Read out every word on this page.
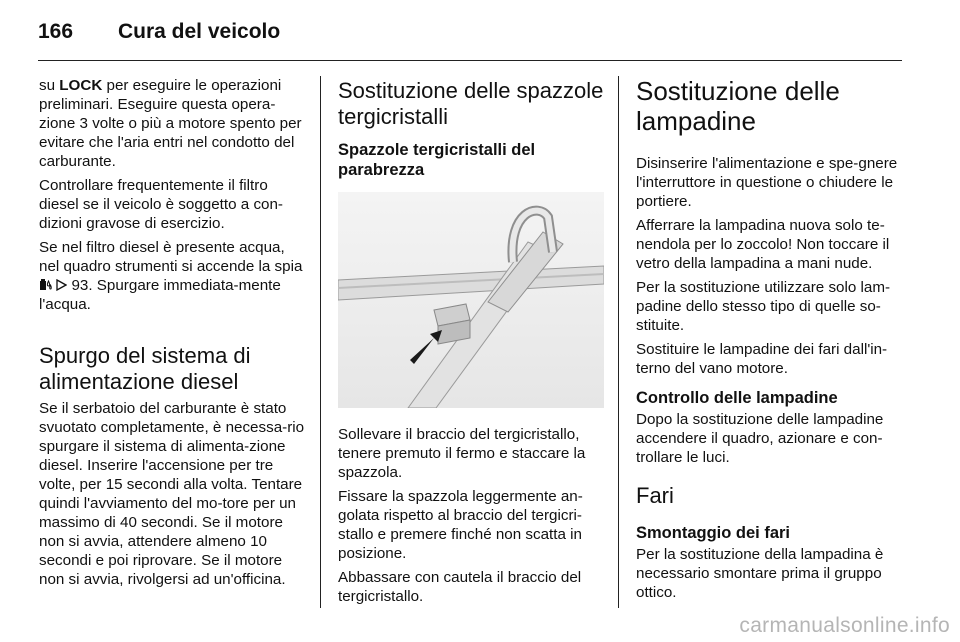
166 Cura del veicolo

su LOCK per eseguire le operazioni preliminari. Eseguire questa opera-zione 3 volte o più a motore spento per evitare che l'aria entri nel condotto del carburante.

Controllare frequentemente il filtro diesel se il veicolo è soggetto a con-dizioni gravose di esercizio.

Se nel filtro diesel è presente acqua, nel quadro strumenti si accende la spia   93. Spurgare immediata-mente l'acqua.

Spurgo del sistema di alimentazione diesel

Se il serbatoio del carburante è stato svuotato completamente, è necessa-rio spurgare il sistema di alimenta-zione diesel. Inserire l'accensione per tre volte, per 15 secondi alla volta. Tentare quindi l'avviamento del mo-tore per un massimo di 40 secondi. Se il motore non si avvia, attendere almeno 10 secondi e poi riprovare. Se il motore non si avvia, rivolgersi ad un'officina.

Sostituzione delle spazzole tergicristalli
Spazzole tergicristalli del parabrezza

Sollevare il braccio del tergicristallo, tenere premuto il fermo e staccare la spazzola.

Fissare la spazzola leggermente an-golata rispetto al braccio del tergicri-stallo e premere finché non scatta in posizione.

Abbassare con cautela il braccio del tergicristallo.

Sostituzione delle lampadine

Disinserire l'alimentazione e spe-gnere l'interruttore in questione o chiudere le portiere.

Afferrare la lampadina nuova solo te-nendola per lo zoccolo! Non toccare il vetro della lampadina a mani nude.

Per la sostituzione utilizzare solo lam-padine dello stesso tipo di quelle so-stituite.

Sostituire le lampadine dei fari dall'in-terno del vano motore.

Controllo delle lampadine

Dopo la sostituzione delle lampadine accendere il quadro, azionare e con-trollare le luci.

Fari
Smontaggio dei fari

Per la sostituzione della lampadina è necessario smontare prima il gruppo ottico.

carmanualsonline.info
